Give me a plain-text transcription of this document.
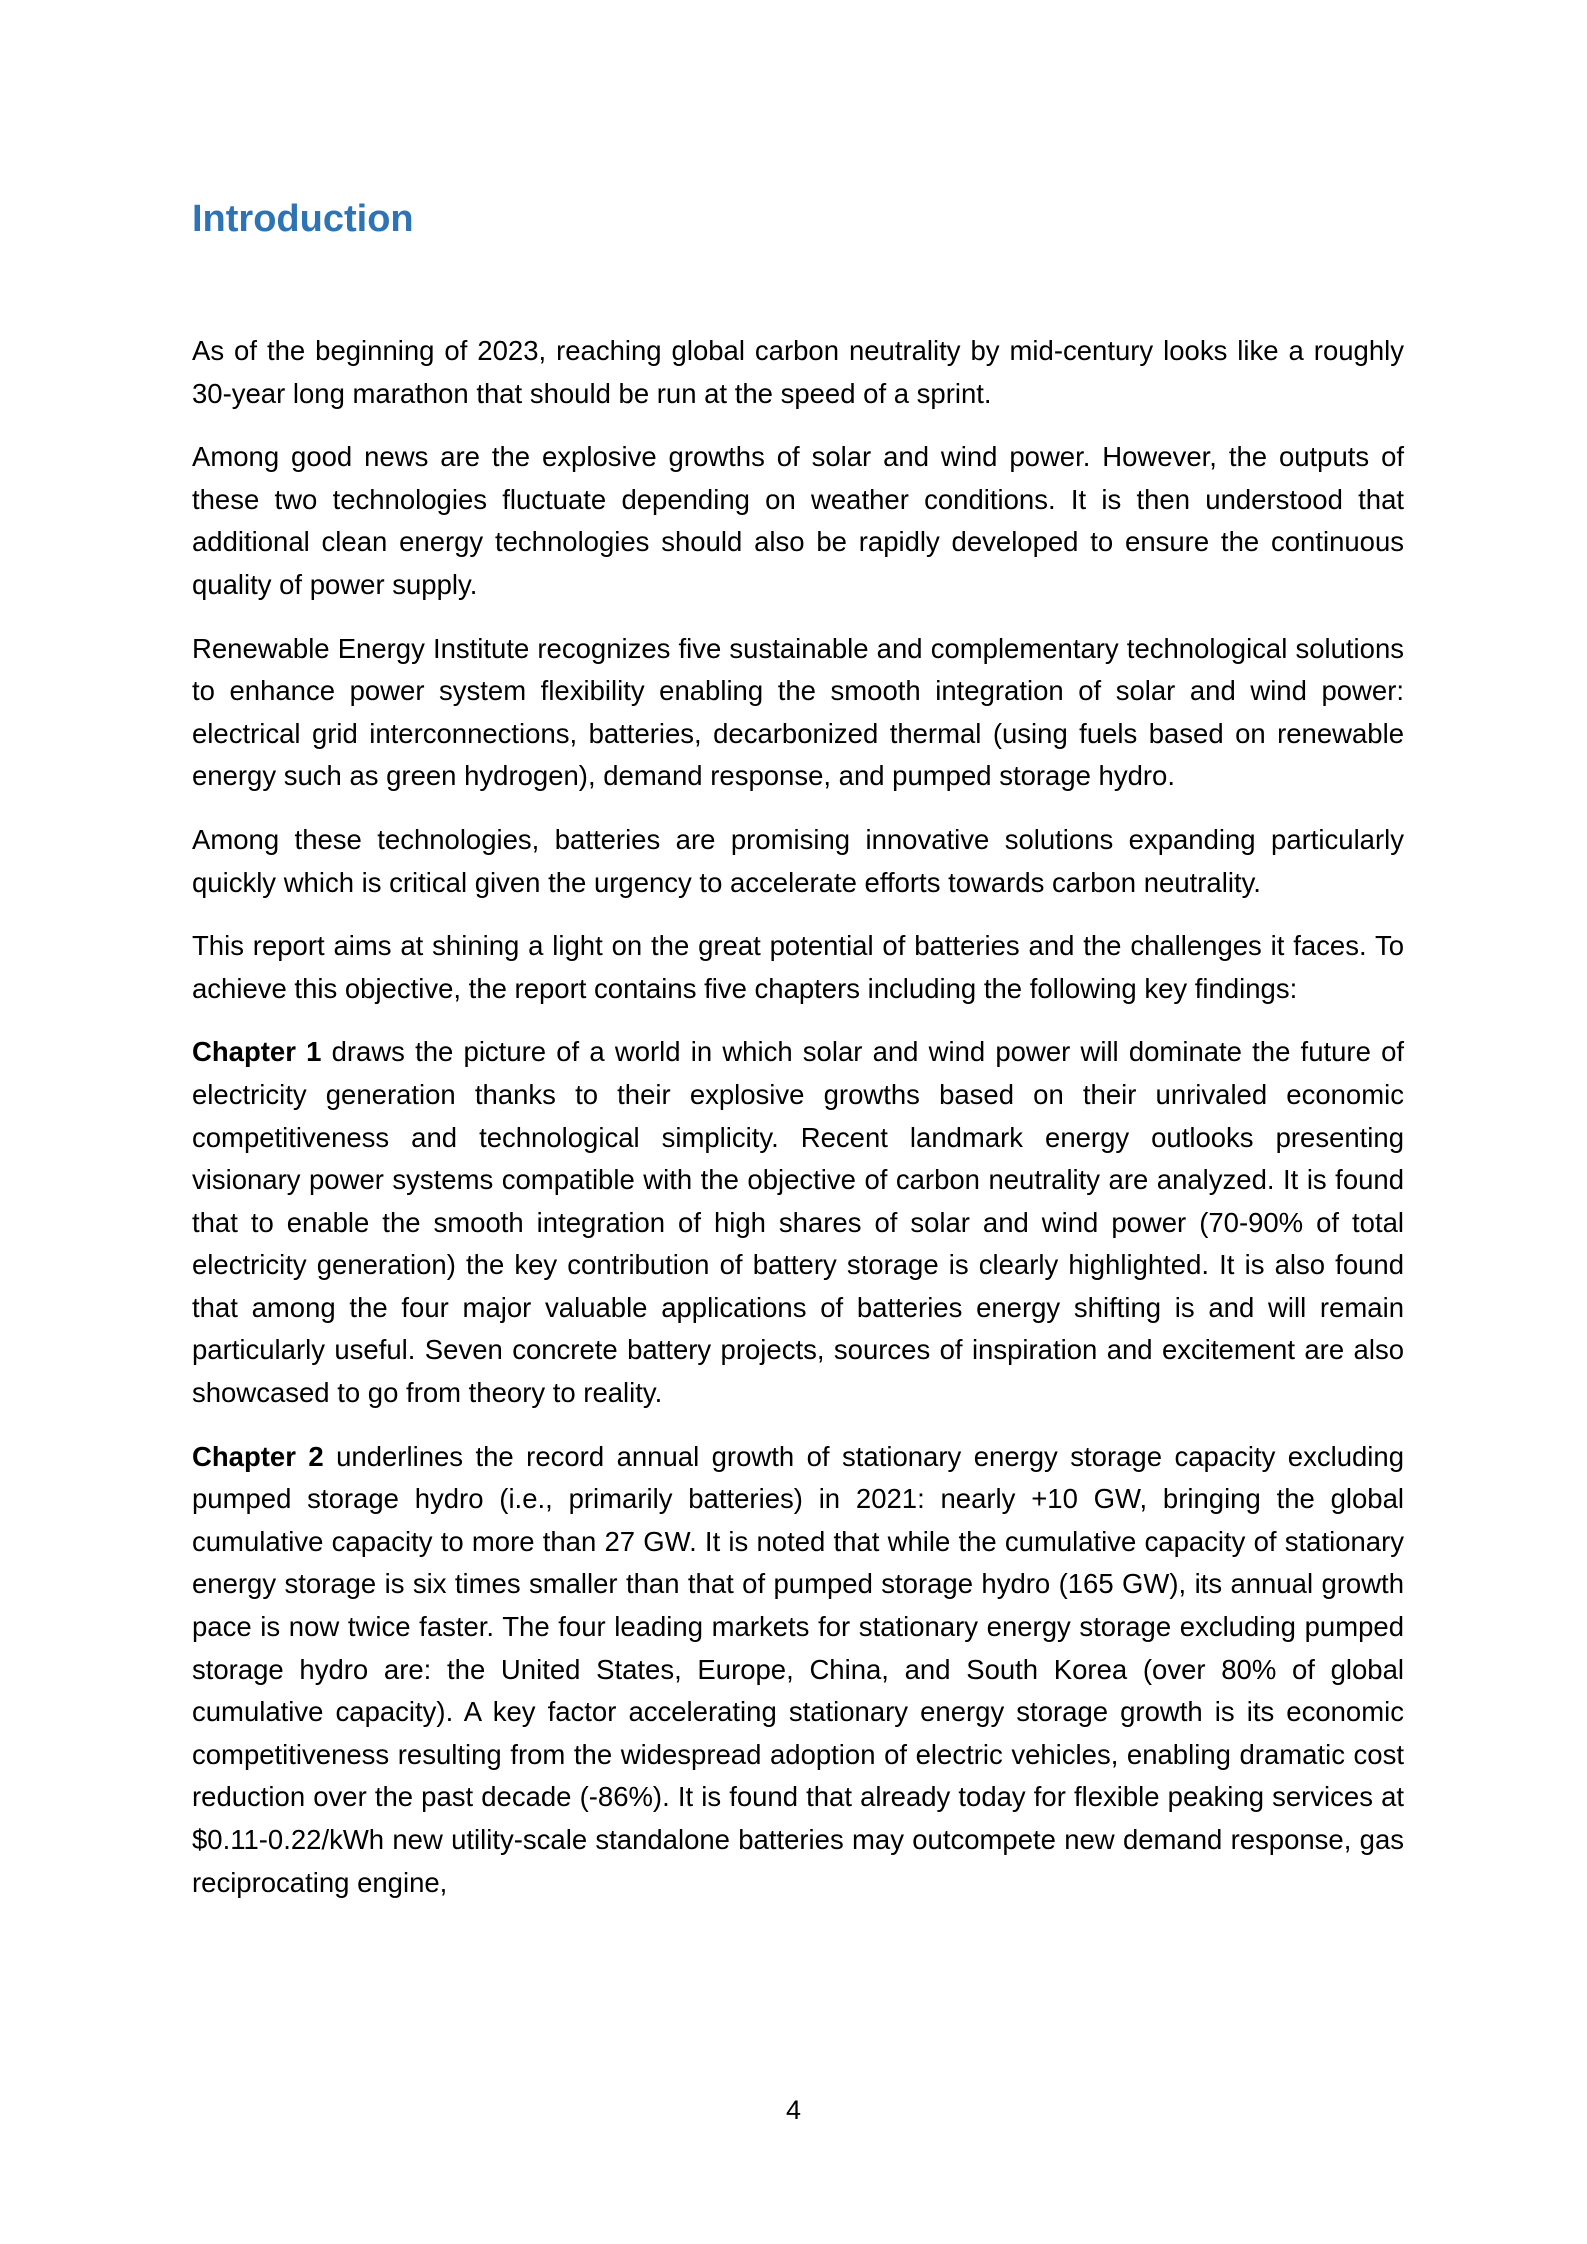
Introduction

As of the beginning of 2023, reaching global carbon neutrality by mid-century looks like a roughly 30-year long marathon that should be run at the speed of a sprint.

Among good news are the explosive growths of solar and wind power. However, the outputs of these two technologies fluctuate depending on weather conditions. It is then understood that additional clean energy technologies should also be rapidly developed to ensure the continuous quality of power supply.

Renewable Energy Institute recognizes five sustainable and complementary technological solutions to enhance power system flexibility enabling the smooth integration of solar and wind power: electrical grid interconnections, batteries, decarbonized thermal (using fuels based on renewable energy such as green hydrogen), demand response, and pumped storage hydro.

Among these technologies, batteries are promising innovative solutions expanding particularly quickly which is critical given the urgency to accelerate efforts towards carbon neutrality.

This report aims at shining a light on the great potential of batteries and the challenges it faces. To achieve this objective, the report contains five chapters including the following key findings:

Chapter 1 draws the picture of a world in which solar and wind power will dominate the future of electricity generation thanks to their explosive growths based on their unrivaled economic competitiveness and technological simplicity. Recent landmark energy outlooks presenting visionary power systems compatible with the objective of carbon neutrality are analyzed. It is found that to enable the smooth integration of high shares of solar and wind power (70-90% of total electricity generation) the key contribution of battery storage is clearly highlighted. It is also found that among the four major valuable applications of batteries energy shifting is and will remain particularly useful. Seven concrete battery projects, sources of inspiration and excitement are also showcased to go from theory to reality.

Chapter 2 underlines the record annual growth of stationary energy storage capacity excluding pumped storage hydro (i.e., primarily batteries) in 2021: nearly +10 GW, bringing the global cumulative capacity to more than 27 GW. It is noted that while the cumulative capacity of stationary energy storage is six times smaller than that of pumped storage hydro (165 GW), its annual growth pace is now twice faster. The four leading markets for stationary energy storage excluding pumped storage hydro are: the United States, Europe, China, and South Korea (over 80% of global cumulative capacity). A key factor accelerating stationary energy storage growth is its economic competitiveness resulting from the widespread adoption of electric vehicles, enabling dramatic cost reduction over the past decade (-86%). It is found that already today for flexible peaking services at $0.11-0.22/kWh new utility-scale standalone batteries may outcompete new demand response, gas reciprocating engine,

4
